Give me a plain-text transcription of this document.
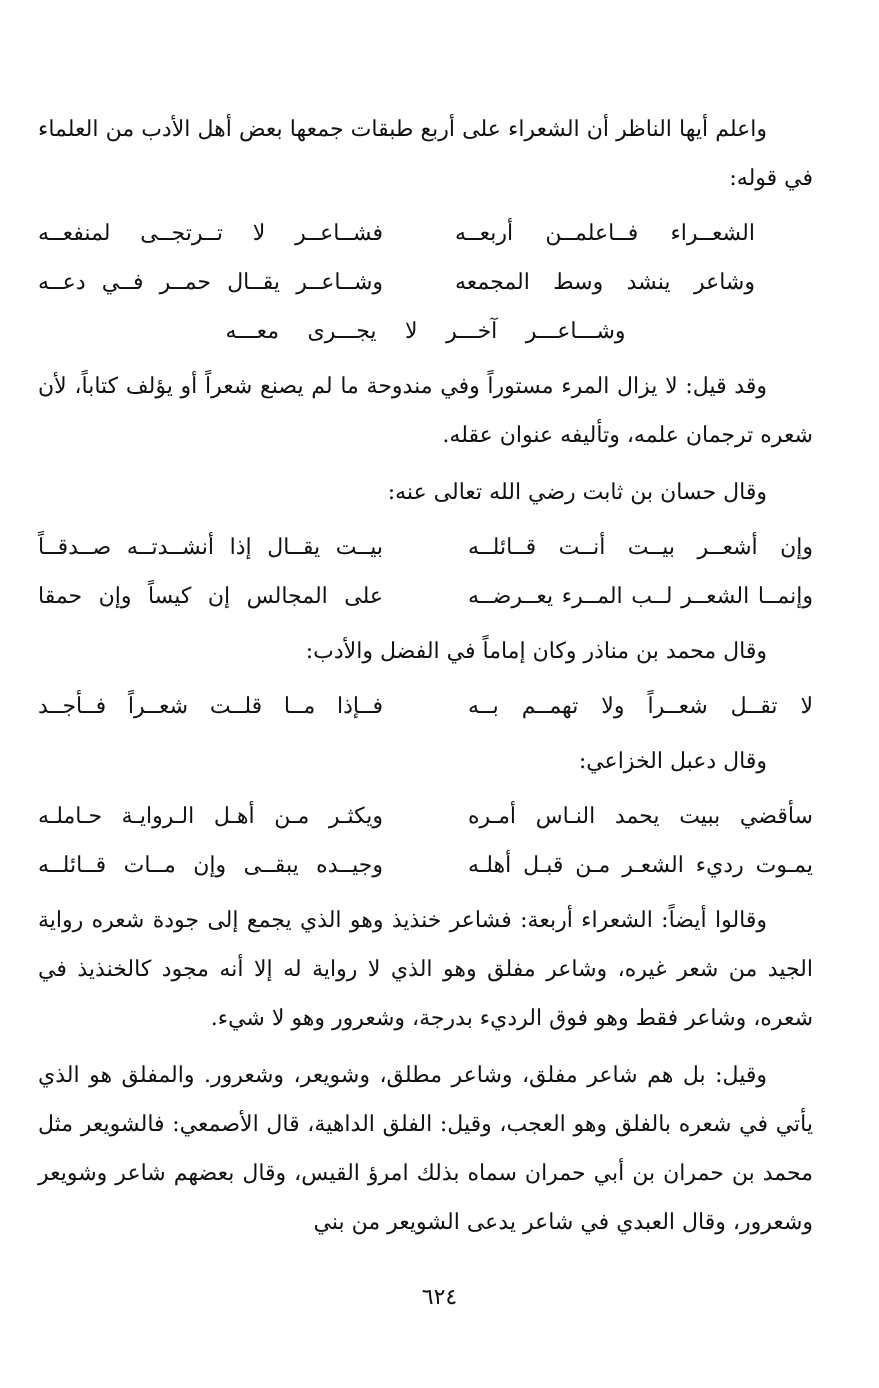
واعلم أيها الناظر أن الشعراء على أربع طبقات جمعها بعض أهل الأدب من العلماء في قوله:

الشعــراء فــاعلمــن أربعــه
فشــاعــر لا تــرتجــى لمنفعــه
وشاعر ينشد وسط المجمعه
وشــاعــر يقــال حمــر فــي دعــه
وشـــاعـــر آخـــر لا يجـــرى معـــه

وقد قيل: لا يزال المرء مستوراً وفي مندوحة ما لم يصنع شعراً أو يؤلف كتاباً، لأن شعره ترجمان علمه، وتأليفه عنوان عقله.

وقال حسان بن ثابت رضي الله تعالى عنه:

وإن أشعــر بيــت أنــت قــائلــه
بيــت يقــال إذا أنشــدتــه صــدقــاً
وإنمــا الشعــر لــب المــرء يعــرضــه
على المجالس إن كيساً وإن حمقا

وقال محمد بن مناذر وكان إماماً في الفضل والأدب:

لا تقــل شعــراً ولا تهمــم بــه
فــإذا مــا قلــت شعــراً فــأجــد

وقال دعبل الخزاعي:

سأقضي ببيت يحمد النـاس أمـره
ويكثـر مـن أهـل الـروايـة حـاملـه
يمـوت رديء الشعـر مـن قبـل أهلـه
وجيــده يبقــى وإن مــات قــائلــه

وقالوا أيضاً: الشعراء أربعة: فشاعر خنذيذ وهو الذي يجمع إلى جودة شعره رواية الجيد من شعر غيره، وشاعر مفلق وهو الذي لا رواية له إلا أنه مجود كالخنذيذ في شعره، وشاعر فقط وهو فوق الرديء بدرجة، وشعرور وهو لا شيء.

وقيل: بل هم شاعر مفلق، وشاعر مطلق، وشويعر، وشعرور. والمفلق هو الذي يأتي في شعره بالفلق وهو العجب، وقيل: الفلق الداهية، قال الأصمعي: فالشويعر مثل محمد بن حمران بن أبي حمران سماه بذلك امرؤ القيس، وقال بعضهم شاعر وشويعر وشعرور، وقال العبدي في شاعر يدعى الشويعر من بني

٦٢٤
